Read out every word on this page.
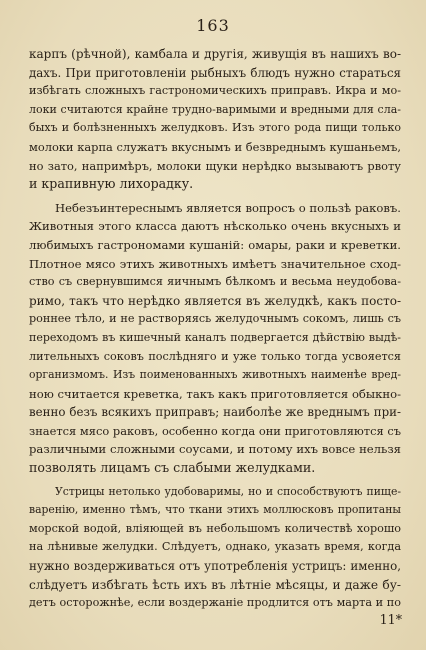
163
карпъ (рѣчной), камбала и другія, живущія въ нашихъ во-
дахъ. При приготовленіи рыбныхъ блюдъ нужно стараться
избѣгать сложныхъ гастрономическихъ приправъ. Икра и мо-
локи считаются крайне трудно-варимыми и вредными для сла-
быхъ и болѣзненныхъ желудковъ. Изъ этого рода пищи только
молоки карпа служатъ вкуснымъ и безвреднымъ кушаньемъ,
но зато, напримѣръ, молоки щуки нерѣдко вызываютъ рвоту
и крапивную лихорадку.
Небезъинтереснымъ является вопросъ о пользѣ раковъ.
Животныя этого класса даютъ нѣсколько очень вкусныхъ и
любимыхъ гастрономами кушаній: омары, раки и креветки.
Плотное мясо этихъ животныхъ имѣетъ значительное сход-
ство съ свернувшимся яичнымъ бѣлкомъ и весьма неудобова-
римо, такъ что нерѣдко является въ желудкѣ, какъ посто-
роннее тѣло, и не растворяясь желудочнымъ сокомъ, лишь съ
переходомъ въ кишечный каналъ подвергается дѣйствію выдѣ-
лительныхъ соковъ послѣдняго и уже только тогда усвояется
организмомъ. Изъ поименованныхъ животныхъ наименѣе вред-
ною считается креветка, такъ какъ приготовляется обыкно-
венно безъ всякихъ приправъ; наиболѣе же вреднымъ при-
знается мясо раковъ, особенно когда они приготовляются съ
различными сложными соусами, и потому ихъ вовсе нельзя
позволять лицамъ съ слабыми желудками.
Устрицы нетолько удобоваримы, но и способствуютъ пище-
варенію, именно тѣмъ, что ткани этихъ моллюсковъ пропитаны
морской водой, вліяющей въ небольшомъ количествѣ хорошо
на лѣнивые желудки. Слѣдуетъ, однако, указать время, когда
нужно воздерживаться отъ употребленія устрицъ: именно,
слѣдуетъ избѣгать ѣсть ихъ въ лѣтніе мѣсяцы, и даже бу-
детъ осторожнѣе, если воздержаніе продлится отъ марта и по
11*
